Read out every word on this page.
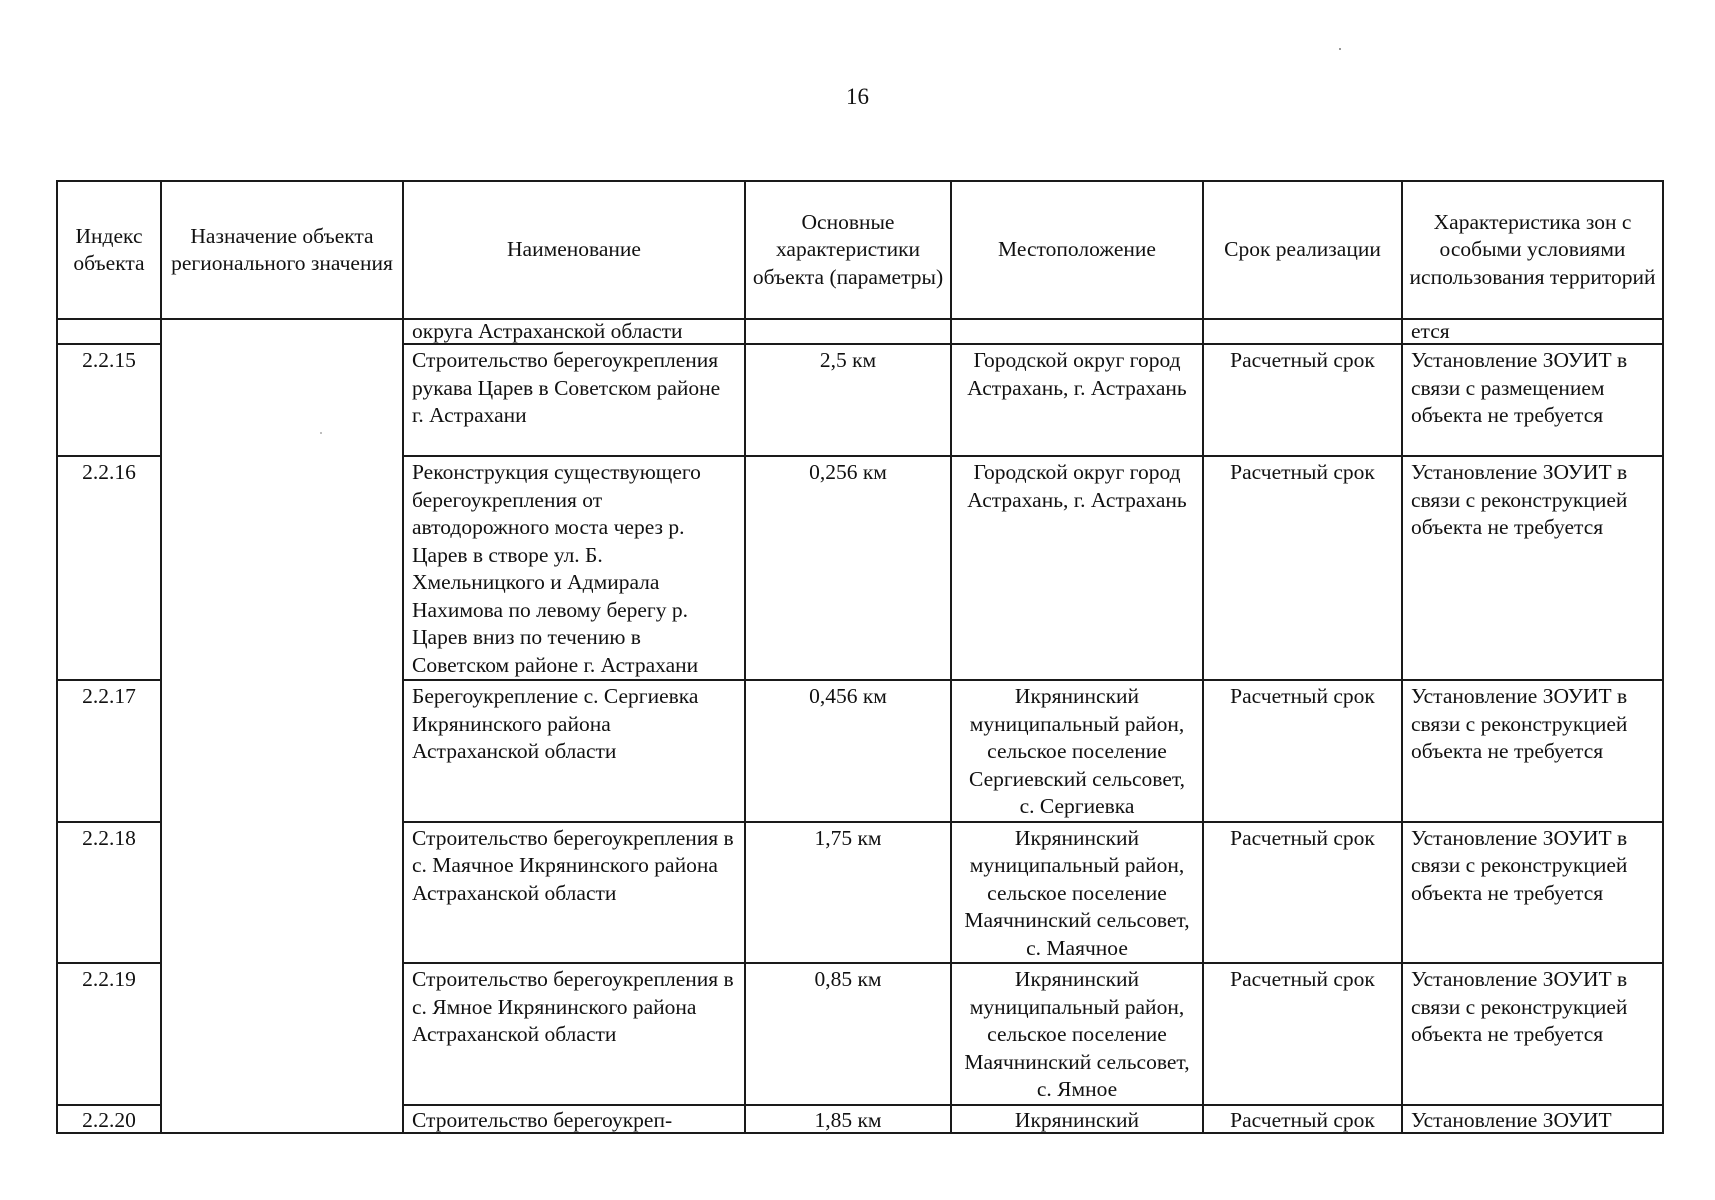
16
Индекс объекта	Назначение объекта регионального значения	Наименование	Основные характеристики объекта (параметры)	Местоположение	Срок реализации	Характеристика зон с особыми условиями использования территорий
		округа Астраханской области				ется
2.2.15		Строительство берегоукрепления рукава Царев в Советском районе г. Астрахани	2,5 км	Городской округ город Астрахань, г. Астрахань	Расчетный срок	Установление ЗОУИТ в связи с размещением объекта не требуется
2.2.16		Реконструкция существующего берегоукрепления от автодорожного моста через р. Царев в створе ул. Б. Хмельницкого и Адмирала Нахимова по левому берегу р. Царев вниз по течению в Советском районе г. Астрахани	0,256 км	Городской округ город Астрахань, г. Астрахань	Расчетный срок	Установление ЗОУИТ в связи с реконструкцией объекта не требуется
2.2.17		Берегоукрепление с. Сергиевка Икрянинского района Астраханской области	0,456 км	Икрянинский муниципальный район, сельское поселение Сергиевский сельсовет, с. Сергиевка	Расчетный срок	Установление ЗОУИТ в связи с реконструкцией объекта не требуется
2.2.18		Строительство берегоукрепления в с. Маячное Икрянинского района Астраханской области	1,75 км	Икрянинский муниципальный район, сельское поселение Маячнинский сельсовет, с. Маячное	Расчетный срок	Установление ЗОУИТ в связи с реконструкцией объекта не требуется
2.2.19		Строительство берегоукрепления в с. Ямное Икрянинского района Астраханской области	0,85 км	Икрянинский муниципальный район, сельское поселение Маячнинский сельсовет, с. Ямное	Расчетный срок	Установление ЗОУИТ в связи с реконструкцией объекта не требуется
2.2.20		Строительство берегоукреп-	1,85 км	Икрянинский	Расчетный срок	Установление ЗОУИТ
